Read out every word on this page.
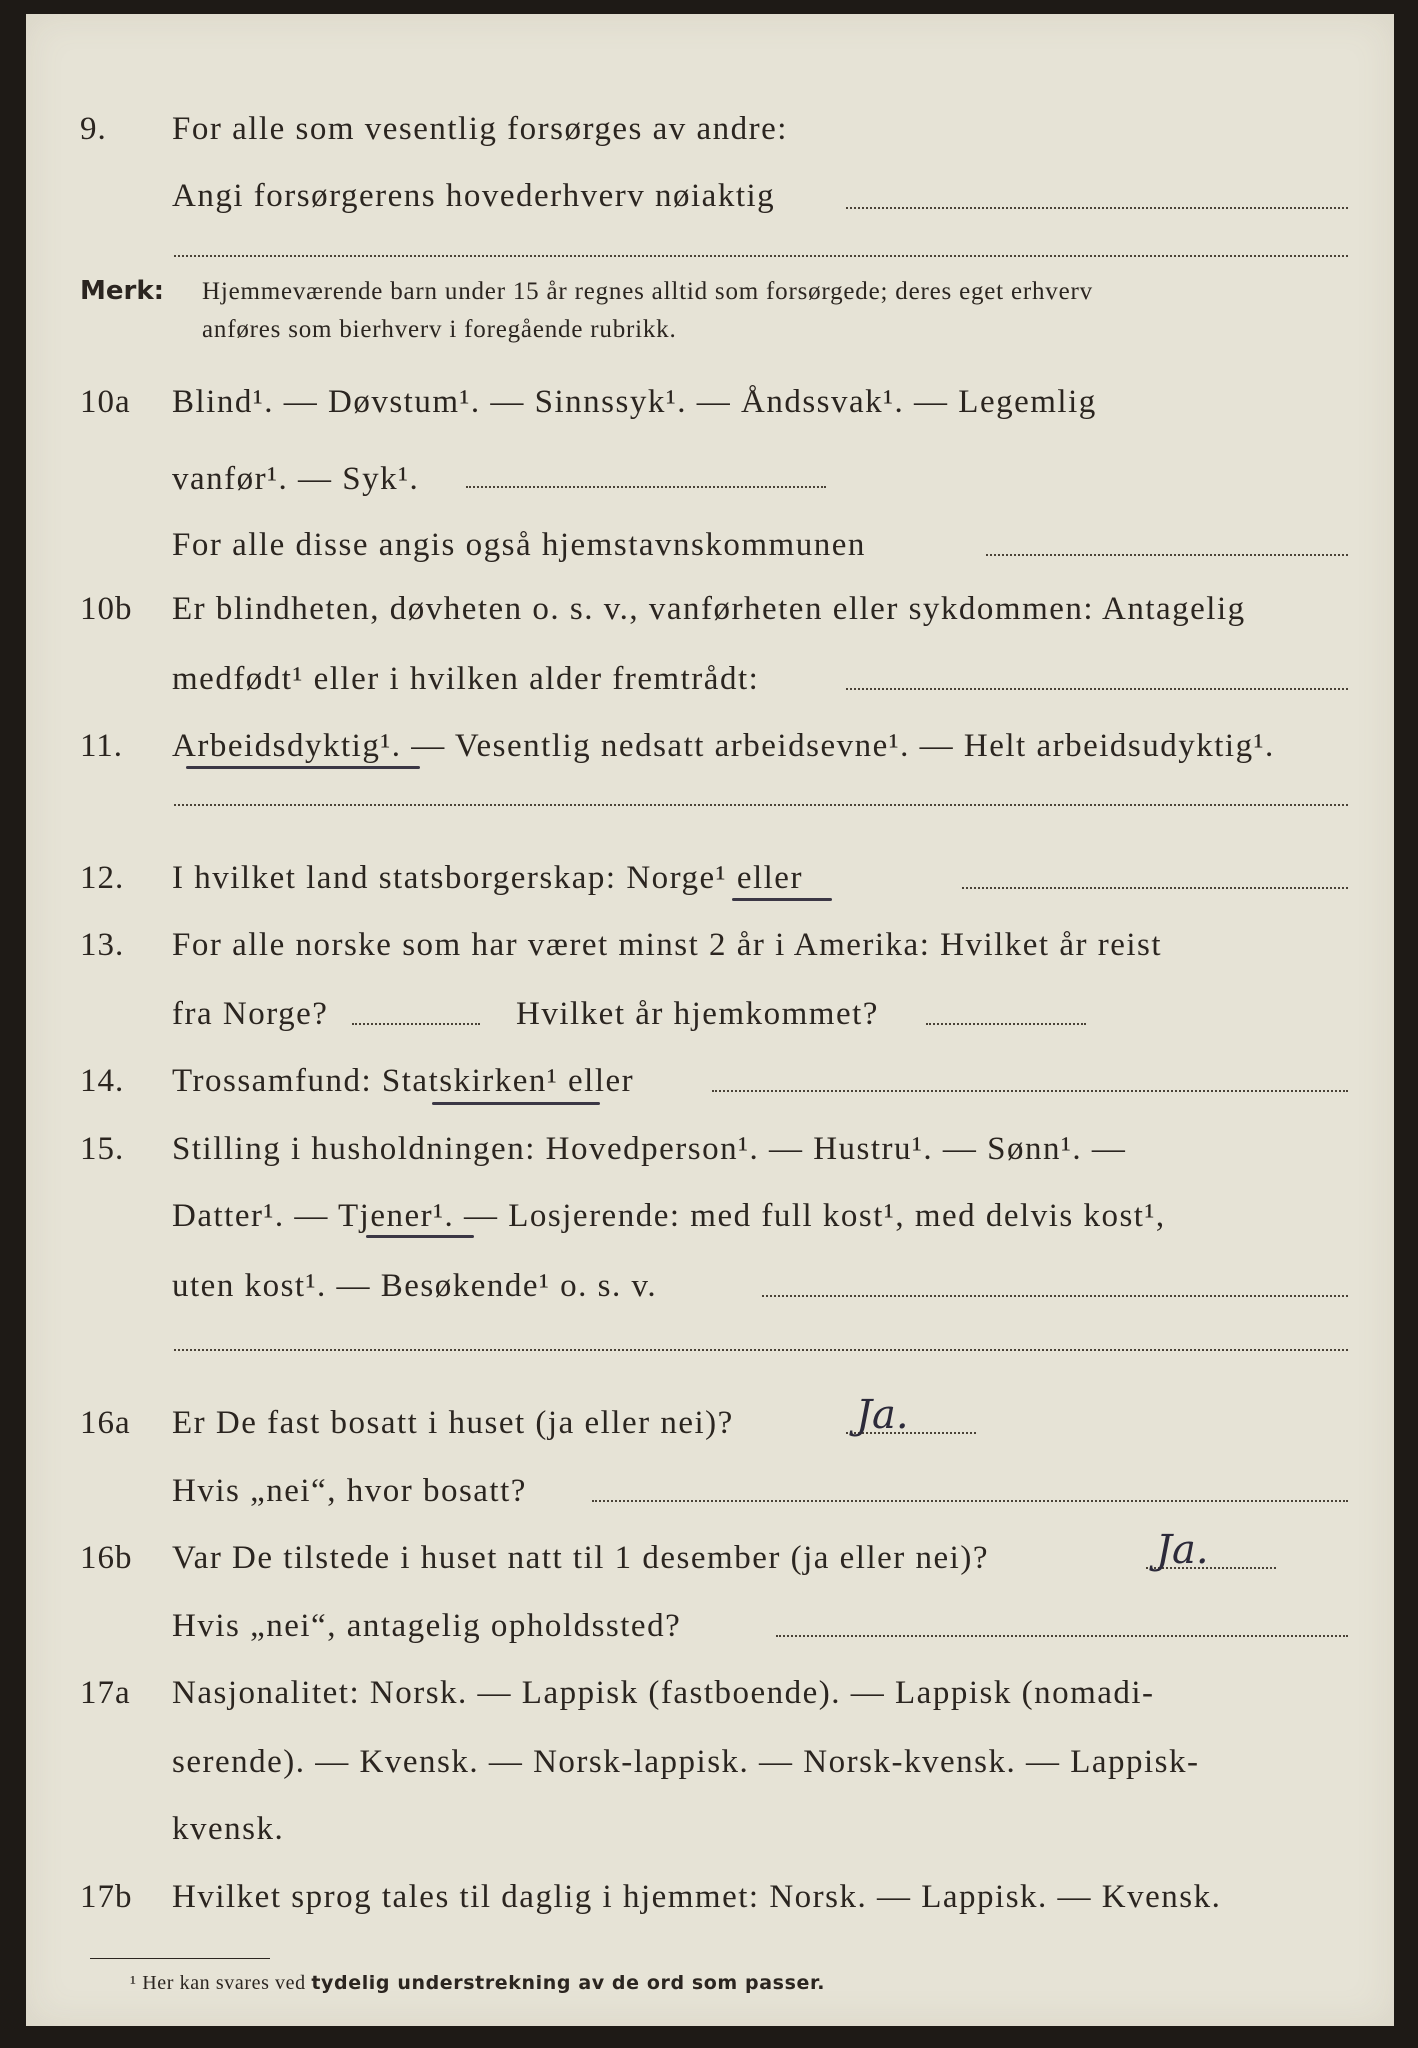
9.	For alle som vesentlig forsørges av andre:
Angi forsørgerens hovederhverv nøiaktig
Merk: Hjemmeværende barn under 15 år regnes alltid som forsørgede; deres eget erhverv
anføres som bierhverv i foregående rubrikk.
10a	Blind¹. — Døvstum¹. — Sinnssyk¹. — Åndssvak¹. — Legemlig
vanfør¹. — Syk¹.
For alle disse angis også hjemstavnskommunen
10b	Er blindheten, døvheten o. s. v., vanførheten eller sykdommen: Antagelig
medfødt¹ eller i hvilken alder fremtrådt:
11.	Arbeidsdyktig¹. — Vesentlig nedsatt arbeidsevne¹. — Helt arbeidsudyktig¹.
12.	I hvilket land statsborgerskap: Norge¹ eller
13.	For alle norske som har været minst 2 år i Amerika: Hvilket år reist
fra Norge?	Hvilket år hjemkommet?
14.	Trossamfund: Statskirken¹ eller
15.	Stilling i husholdningen: Hovedperson¹. — Hustru¹. — Sønn¹. —
Datter¹. — Tjener¹. — Losjerende: med full kost¹, med delvis kost¹,
uten kost¹. — Besøkende¹ o. s. v.
16a	Er De fast bosatt i huset (ja eller nei)?	Ja.
Hvis „nei“, hvor bosatt?
16b	Var De tilstede i huset natt til 1 desember (ja eller nei)?	Ja.
Hvis „nei“, antagelig opholdssted?
17a	Nasjonalitet: Norsk. — Lappisk (fastboende). — Lappisk (nomadi-
serende). — Kvensk. — Norsk-lappisk. — Norsk-kvensk. — Lappisk-
kvensk.
17b	Hvilket sprog tales til daglig i hjemmet: Norsk. — Lappisk. — Kvensk.
¹ Her kan svares ved tydelig understrekning av de ord som passer.
